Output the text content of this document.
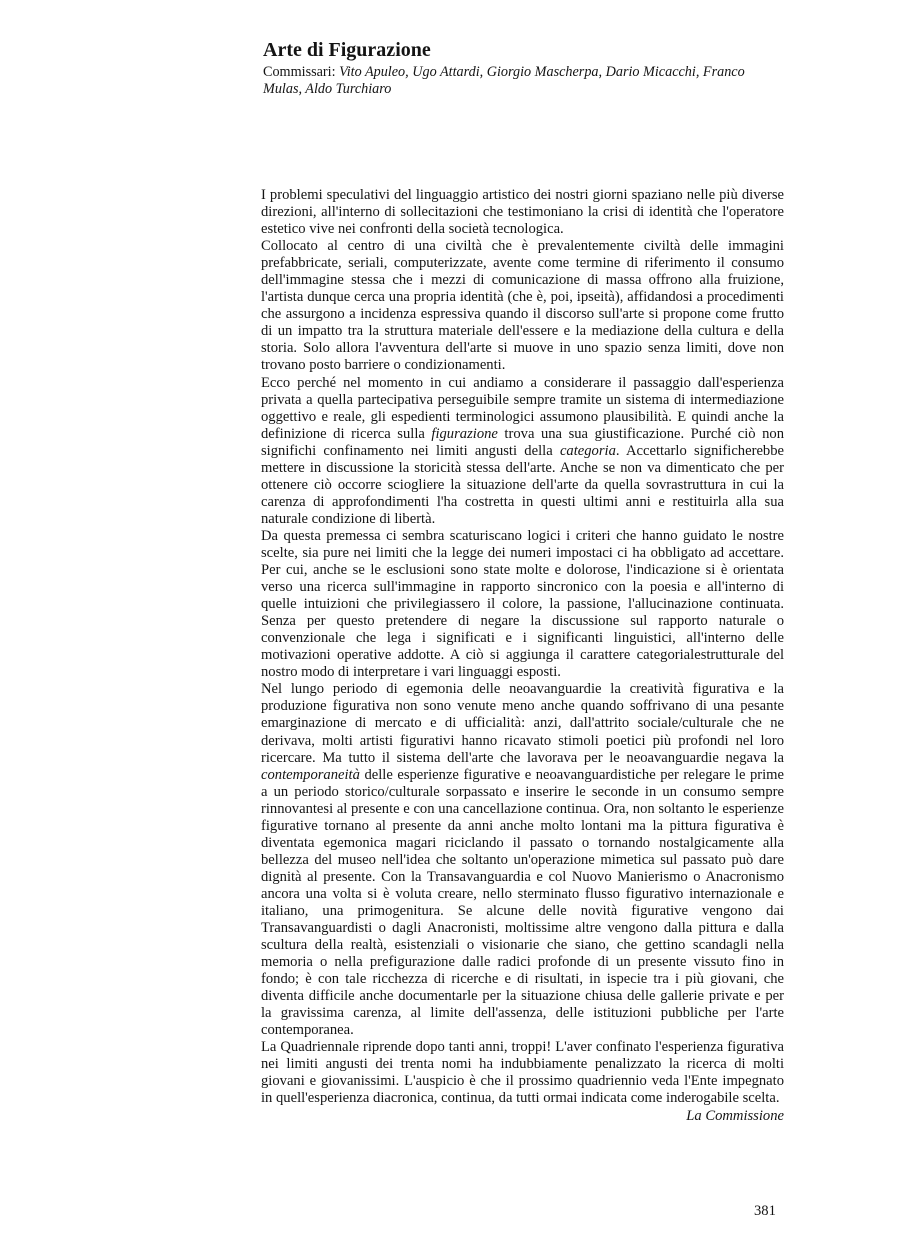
Arte di Figurazione
Commissari: Vito Apuleo, Ugo Attardi, Giorgio Mascherpa, Dario Micacchi, Franco Mulas, Aldo Turchiaro

I problemi speculativi del linguaggio artistico dei nostri giorni spaziano nelle più diverse direzioni, all'interno di sollecitazioni che testimoniano la crisi di identità che l'operatore estetico vive nei confronti della società tecnologica.

Collocato al centro di una civiltà che è prevalentemente civiltà delle immagini prefabbricate, seriali, computerizzate, avente come termine di riferimento il consumo dell'immagine stessa che i mezzi di comunicazione di massa offrono alla fruizione, l'artista dunque cerca una propria identità (che è, poi, ipseità), affidandosi a procedimenti che assurgono a incidenza espressiva quando il discorso sull'arte si propone come frutto di un impatto tra la struttura materiale dell'essere e la mediazione della cultura e della storia. Solo allora l'avventura dell'arte si muove in uno spazio senza limiti, dove non trovano posto barriere o condizionamenti.

Ecco perché nel momento in cui andiamo a considerare il passaggio dall'esperienza privata a quella partecipativa perseguibile sempre tramite un sistema di intermediazione oggettivo e reale, gli espedienti terminologici assumono plausibilità. E quindi anche la definizione di ricerca sulla figurazione trova una sua giustificazione. Purché ciò non significhi confinamento nei limiti angusti della categoria. Accettarlo significherebbe mettere in discussione la storicità stessa dell'arte. Anche se non va dimenticato che per ottenere ciò occorre sciogliere la situazione dell'arte da quella sovrastruttura in cui la carenza di approfondimenti l'ha costretta in questi ultimi anni e restituirla alla sua naturale condizione di libertà.

Da questa premessa ci sembra scaturiscano logici i criteri che hanno guidato le nostre scelte, sia pure nei limiti che la legge dei numeri impostaci ci ha obbligato ad accettare. Per cui, anche se le esclusioni sono state molte e dolorose, l'indicazione si è orientata verso una ricerca sull'immagine in rapporto sincronico con la poesia e all'interno di quelle intuizioni che privilegiassero il colore, la passione, l'allucinazione continuata. Senza per questo pretendere di negare la discussione sul rapporto naturale o convenzionale che lega i significati e i significanti linguistici, all'interno delle motivazioni operative addotte. A ciò si aggiunga il carattere categorialestrutturale del nostro modo di interpretare i vari linguaggi esposti.

Nel lungo periodo di egemonia delle neoavanguardie la creatività figurativa e la produzione figurativa non sono venute meno anche quando soffrivano di una pesante emarginazione di mercato e di ufficialità: anzi, dall'attrito sociale/culturale che ne derivava, molti artisti figurativi hanno ricavato stimoli poetici più profondi nel loro ricercare. Ma tutto il sistema dell'arte che lavorava per le neoavanguardie negava la contemporaneità delle esperienze figurative e neoavanguardistiche per relegare le prime a un periodo storico/culturale sorpassato e inserire le seconde in un consumo sempre rinnovantesi al presente e con una cancellazione continua. Ora, non soltanto le esperienze figurative tornano al presente da anni anche molto lontani ma la pittura figurativa è diventata egemonica magari riciclando il passato o tornando nostalgicamente alla bellezza del museo nell'idea che soltanto un'operazione mimetica sul passato può dare dignità al presente. Con la Transavanguardia e col Nuovo Manierismo o Anacronismo ancora una volta si è voluta creare, nello sterminato flusso figurativo internazionale e italiano, una primogenitura. Se alcune delle novità figurative vengono dai Transavanguardisti o dagli Anacronisti, moltissime altre vengono dalla pittura e dalla scultura della realtà, esistenziali o visionarie che siano, che gettino scandagli nella memoria o nella prefigurazione dalle radici profonde di un presente vissuto fino in fondo; è con tale ricchezza di ricerche e di risultati, in ispecie tra i più giovani, che diventa difficile anche documentarle per la situazione chiusa delle gallerie private e per la gravissima carenza, al limite dell'assenza, delle istituzioni pubbliche per l'arte contemporanea.

La Quadriennale riprende dopo tanti anni, troppi! L'aver confinato l'esperienza figurativa nei limiti angusti dei trenta nomi ha indubbiamente penalizzato la ricerca di molti giovani e giovanissimi. L'auspicio è che il prossimo quadriennio veda l'Ente impegnato in quell'esperienza diacronica, continua, da tutti ormai indicata come inderogabile scelta.

La Commissione

381
